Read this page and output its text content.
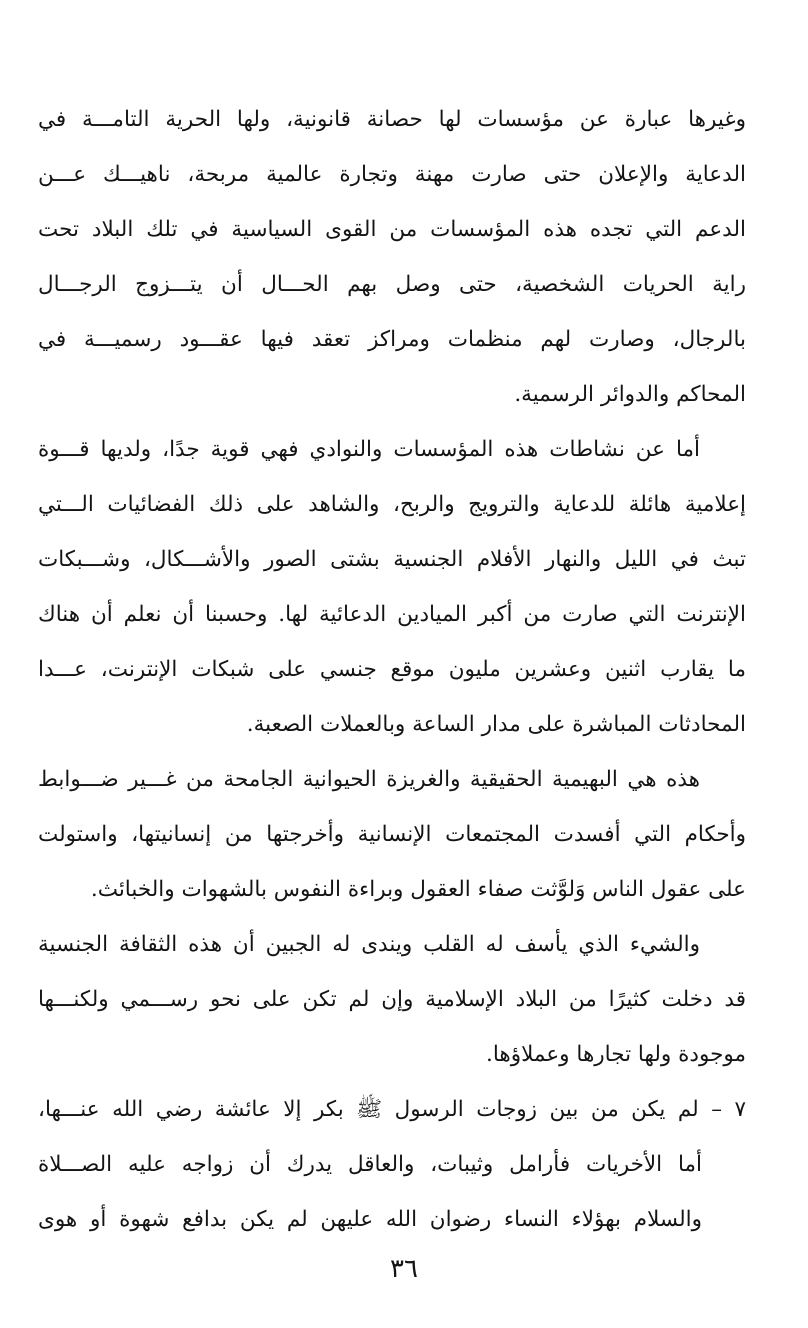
وغيرها عبارة عن مؤسسات لها حصانة قانونية، ولها الحرية التامـــة في
الدعاية والإعلان حتى صارت مهنة وتجارة عالمية مربحة، ناهيـــك عـــن
الدعم التي تجده هذه المؤسسات من القوى السياسية في تلك البلاد تحت
راية الحريات الشخصية، حتى وصل بهم الحـــال أن يتـــزوج الرجـــال
بالرجال، وصارت لهم منظمات ومراكز تعقد فيها عقـــود رسميـــة في
المحاكم والدوائر الرسمية.
أما عن نشاطات هذه المؤسسات والنوادي فهي قوية جدًا، ولديها قـــوة
إعلامية هائلة للدعاية والترويج والربح، والشاهد على ذلك الفضائيات الـــتي
تبث في الليل والنهار الأفلام الجنسية بشتى الصور والأشـــكال، وشـــبكات
الإنترنت التي صارت من أكبر الميادين الدعائية لها. وحسبنا أن نعلم أن هناك
ما يقارب اثنين وعشرين مليون موقع جنسي على شبكات الإنترنت، عـــدا
المحادثات المباشرة على مدار الساعة وبالعملات الصعبة.
هذه هي البهيمية الحقيقية والغريزة الحيوانية الجامحة من غـــير ضـــوابط
وأحكام التي أفسدت المجتمعات الإنسانية وأخرجتها من إنسانيتها، واستولت
على عقول الناس وَلوَّثت صفاء العقول وبراءة النفوس بالشهوات والخبائث.
والشيء الذي يأسف له القلب ويندى له الجبين أن هذه الثقافة الجنسية
قد دخلت كثيرًا من البلاد الإسلامية وإن لم تكن على نحو رســـمي ولكنـــها
موجودة ولها تجارها وعملاؤها.
٧ – لم يكن من بين زوجات الرسول ﷺ بكر إلا عائشة رضي الله عنـــها،
أما الأخريات فأرامل وثيبات، والعاقل يدرك أن زواجه عليه الصـــلاة
والسلام بهؤلاء النساء رضوان الله عليهن لم يكن بدافع شهوة أو هوى
٣٦
